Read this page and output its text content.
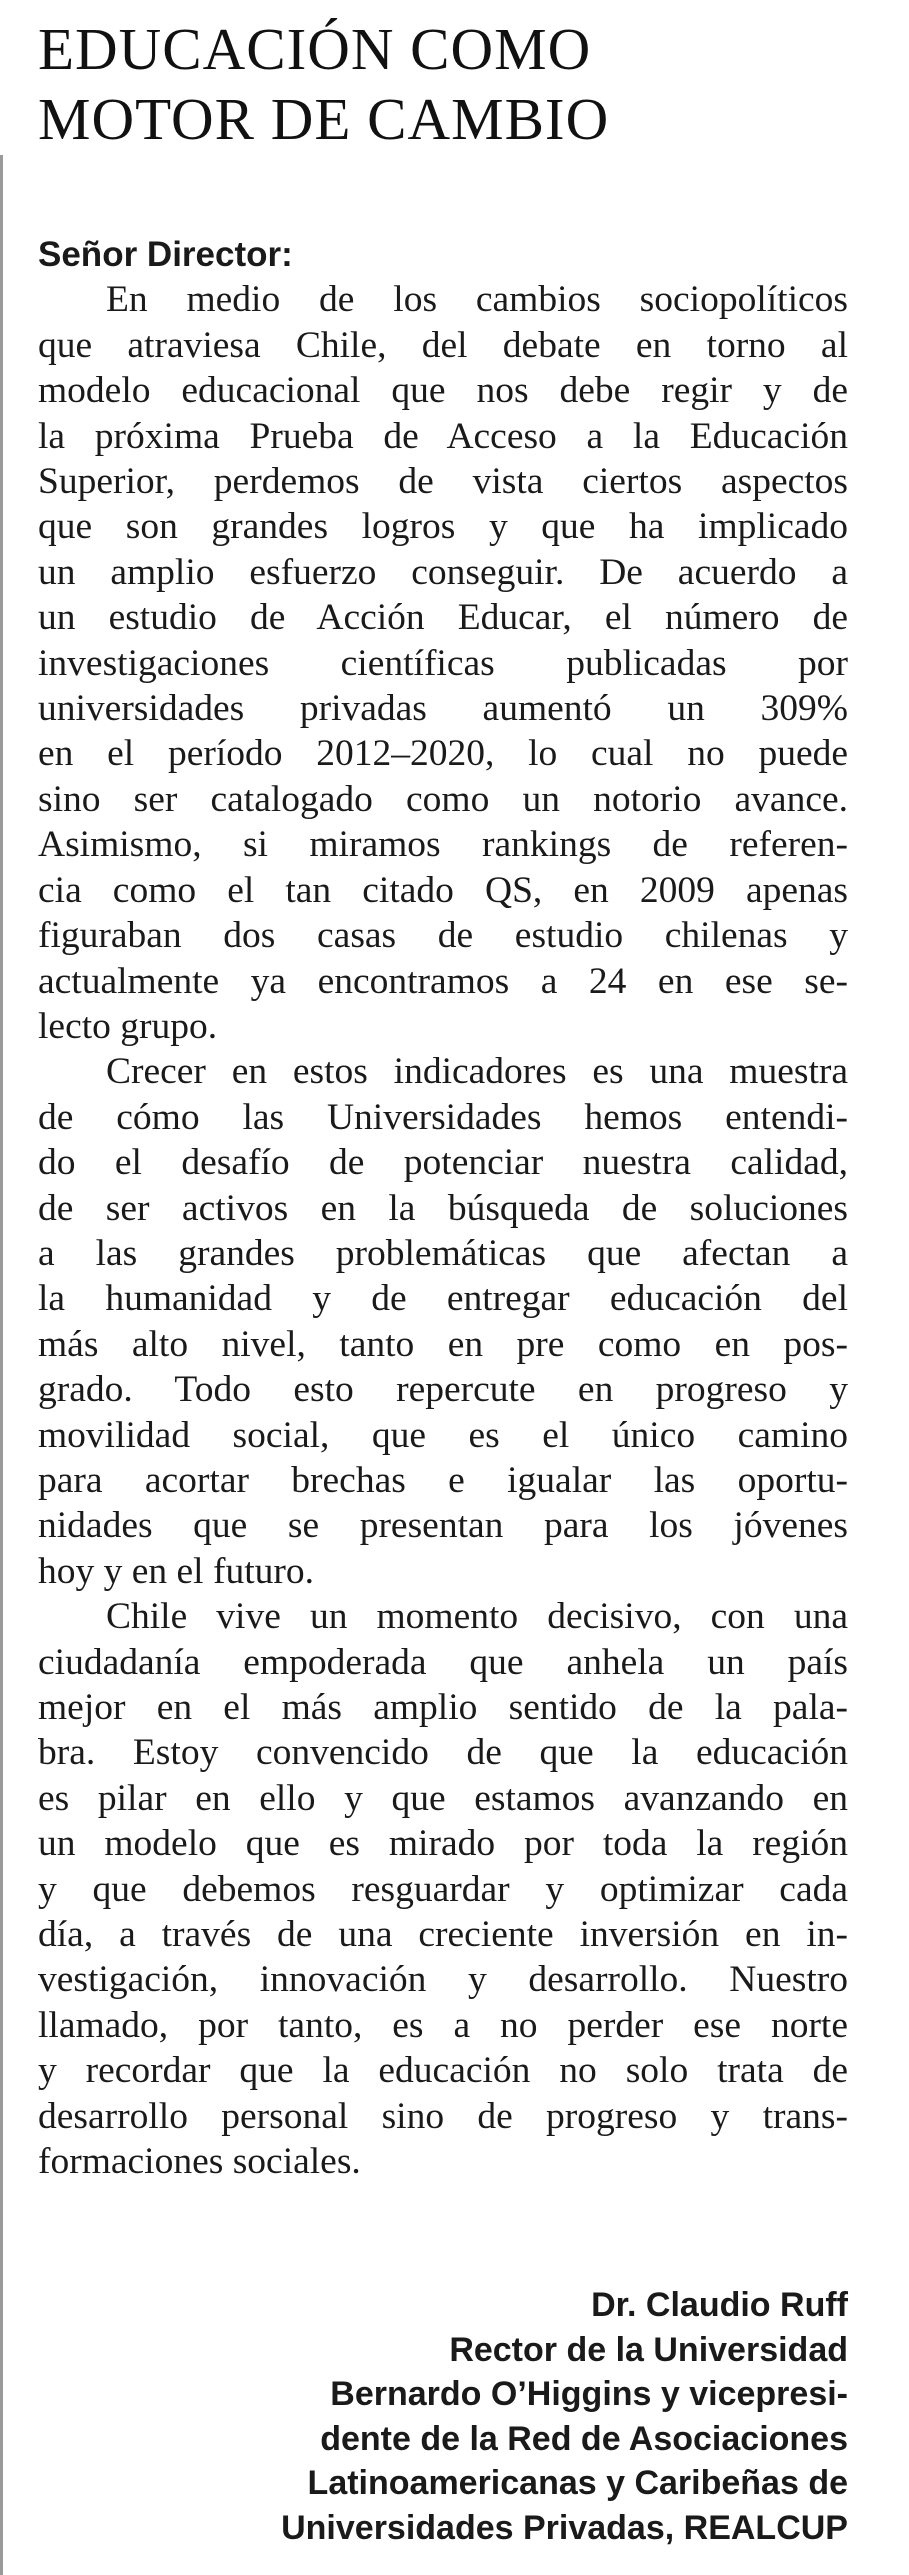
EDUCACIÓN COMO
MOTOR DE CAMBIO
Señor Director:
En medio de los cambios sociopolíticos
que atraviesa Chile, del debate en torno al
modelo educacional que nos debe regir y de
la próxima Prueba de Acceso a la Educación
Superior, perdemos de vista ciertos aspectos
que son grandes logros y que ha implicado
un amplio esfuerzo conseguir. De acuerdo a
un estudio de Acción Educar, el número de
investigaciones científicas publicadas por
universidades privadas aumentó un 309%
en el período 2012–2020, lo cual no puede
sino ser catalogado como un notorio avance.
Asimismo, si miramos rankings de referen-
cia como el tan citado QS, en 2009 apenas
figuraban dos casas de estudio chilenas y
actualmente ya encontramos a 24 en ese se-
lecto grupo.
Crecer en estos indicadores es una muestra
de cómo las Universidades hemos entendi-
do el desafío de potenciar nuestra calidad,
de ser activos en la búsqueda de soluciones
a las grandes problemáticas que afectan a
la humanidad y de entregar educación del
más alto nivel, tanto en pre como en pos-
grado. Todo esto repercute en progreso y
movilidad social, que es el único camino
para acortar brechas e igualar las oportu-
nidades que se presentan para los jóvenes
hoy y en el futuro.
Chile vive un momento decisivo, con una
ciudadanía empoderada que anhela un país
mejor en el más amplio sentido de la pala-
bra. Estoy convencido de que la educación
es pilar en ello y que estamos avanzando en
un modelo que es mirado por toda la región
y que debemos resguardar y optimizar cada
día, a través de una creciente inversión en in-
vestigación, innovación y desarrollo. Nuestro
llamado, por tanto, es a no perder ese norte
y recordar que la educación no solo trata de
desarrollo personal sino de progreso y trans-
formaciones sociales.
Dr. Claudio Ruff
Rector de la Universidad
Bernardo O’Higgins y vicepresi-
dente de la Red de Asociaciones
Latinoamericanas y Caribeñas de
Universidades Privadas, REALCUP
